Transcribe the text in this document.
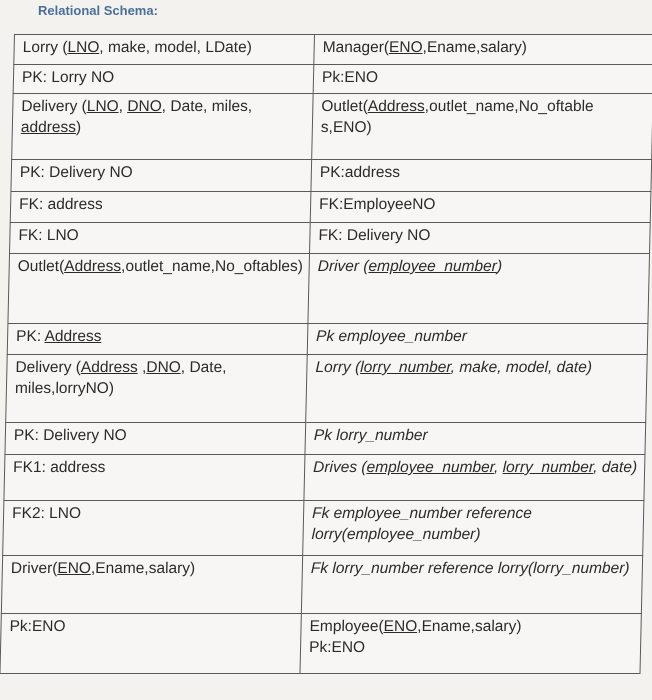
Relational Schema:
Lorry (LNO, make, model, LDate)	Manager(ENO,Ename,salary)
PK: Lorry NO	Pk:ENO
Delivery (LNO, DNO, Date, miles, address)	Outlet(Address,outlet_name,No_oftable s,ENO)
PK: Delivery NO	PK:address
FK: address	FK:EmployeeNO
FK: LNO	FK: Delivery NO
Outlet(Address,outlet_name,No_oftables)	Driver (employee_number)
PK: Address	Pk employee_number
Delivery (Address ,DNO, Date, miles,lorryNO)	Lorry (lorry_number, make, model, date)
PK: Delivery NO	Pk lorry_number
FK1: address	Drives (employee_number, lorry_number, date)
FK2: LNO	Fk employee_number reference lorry(employee_number)
Driver(ENO,Ename,salary)	Fk lorry_number reference lorry(lorry_number)
Pk:ENO	Employee(ENO,Ename,salary)
Pk:ENO
